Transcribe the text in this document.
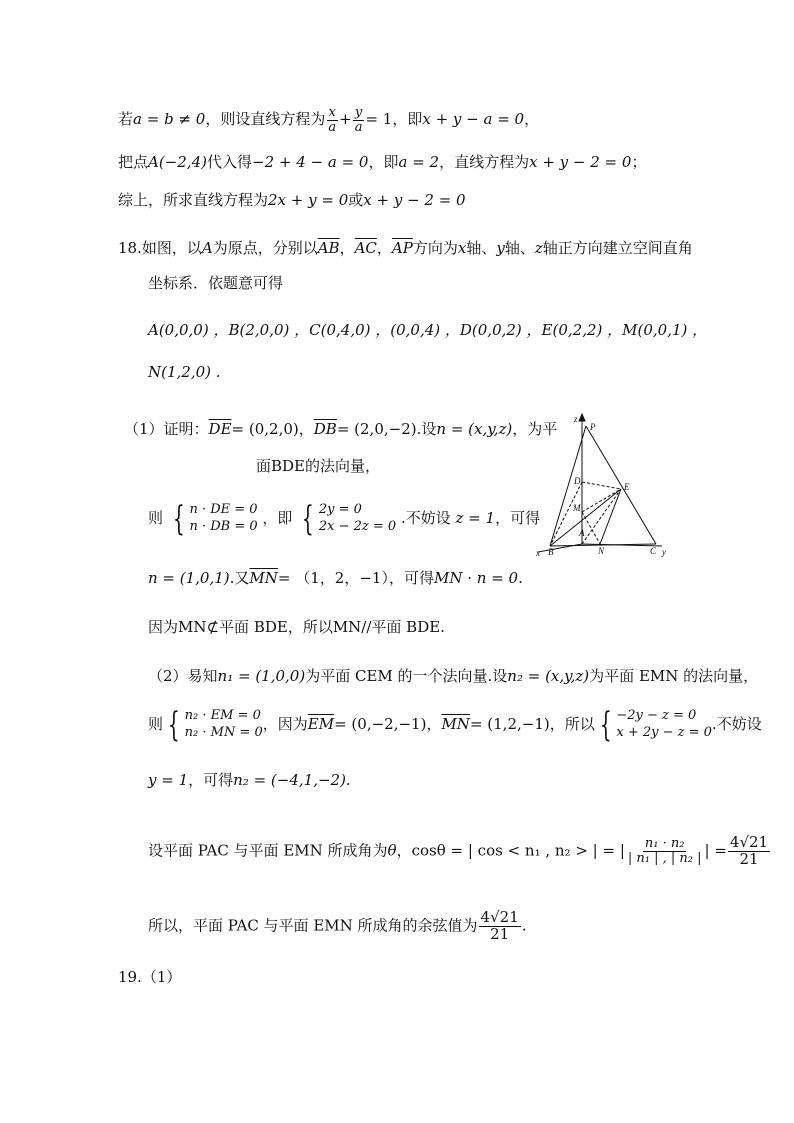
若a = b ≠ 0，则设直线方程为 $\frac{x}{a} + \frac{y}{a} = 1$，即x + y − a = 0，
把点A(−2,4)代入得−2 + 4 − a = 0，即a = 2，直线方程为x + y − 2 = 0；
综上，所求直线方程为2x + y = 0或x + y − 2 = 0
18.如图，以A为原点，分别以$\overline{AB}$，$\overline{AC}$，$\overline{AP}$方向为x轴、y轴、z轴正方向建立空间直角
坐标系．依题意可得
A(0,0,0) ，B(2,0,0) ，C(0,4,0) ，(0,0,4) ，D(0,0,2) ，E(0,2,2) ，M(0,0,1) ，
N(1,2,0) .
（1）证明：$\overline{DE}= (0,2,0)$，$\overline{DB}= (2,0,-2)$.设n = (x,y,z)，为平
面BDE的法向量，
则 { n · DE = 0
n · DB = 0 ，即 { 2y = 0
2x − 2z = 0 .不妨设 z = 1，可得
n = (1,0,1).又$\overline{MN}= (1$，2，−1），可得MN · n = 0.
因为MN⊄平面 BDE，所以MN//平面 BDE.
（2）易知n₁ = (1,0,0)为平面 CEM 的一个法向量.设n₂ = (x,y,z)为平面 EMN 的法向量，
则 { n₂ · EM = 0
n₂ · MN = 0 ，因为$\overline{EM}= (0,-2,-1)$，$\overline{MN}= (1,2,-1)$，所以 { −2y − z = 0
x + 2y − z = 0 .不妨设
y = 1，可得n₂ = (−4,1,−2).
设平面 PAC 与平面 EMN 所成角为θ，cosθ = | cos < n₁ , n₂ > | = | $\frac{\text{n₁ · n₂}}{\text{| n₁ | , | n₂ |}}$ | = $\frac{4√21}{21}$
所以，平面 PAC 与平面 EMN 所成角的余弦值为 $\frac{4√21}{21}$ .
19.（1）
z
P
D
E
M
A
B	N	C
x	y
